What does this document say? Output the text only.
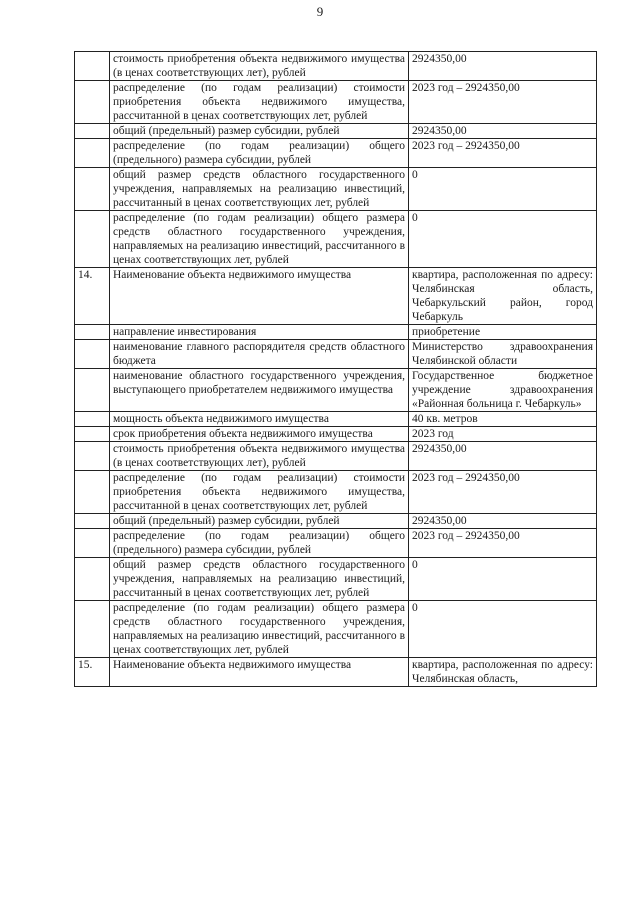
9
	стоимость приобретения объекта недвижимого имущества (в ценах соответствующих лет), рублей	2924350,00
	распределение (по годам реализации) стоимости приобретения объекта недвижимого имущества, рассчитанной в ценах соответствующих лет, рублей	2023 год – 2924350,00
	общий (предельный) размер субсидии, рублей	2924350,00
	распределение (по годам реализации) общего (предельного) размера субсидии, рублей	2023 год – 2924350,00
	общий размер средств областного государственного учреждения, направляемых на реализацию инвестиций, рассчитанный в ценах соответствующих лет, рублей	0
	распределение (по годам реализации) общего размера средств областного государственного учреждения, направляемых на реализацию инвестиций, рассчитанного в ценах соответствующих лет, рублей	0
14.	Наименование объекта недвижимого имущества	квартира, расположенная по адресу: Челябинская область, Чебаркульский район, город Чебаркуль
	направление инвестирования	приобретение
	наименование главного распорядителя средств областного бюджета	Министерство здравоохранения Челябинской области
	наименование областного государственного учреждения, выступающего приобретателем недвижимого имущества	Государственное бюджетное учреждение здравоохранения «Районная больница г. Чебаркуль»
	мощность объекта недвижимого имущества	40 кв. метров
	срок приобретения объекта недвижимого имущества	2023 год
	стоимость приобретения объекта недвижимого имущества (в ценах соответствующих лет), рублей	2924350,00
	распределение (по годам реализации) стоимости приобретения объекта недвижимого имущества, рассчитанной в ценах соответствующих лет, рублей	2023 год – 2924350,00
	общий (предельный) размер субсидии, рублей	2924350,00
	распределение (по годам реализации) общего (предельного) размера субсидии, рублей	2023 год – 2924350,00
	общий размер средств областного государственного учреждения, направляемых на реализацию инвестиций, рассчитанный в ценах соответствующих лет, рублей	0
	распределение (по годам реализации) общего размера средств областного государственного учреждения, направляемых на реализацию инвестиций, рассчитанного в ценах соответствующих лет, рублей	0
15.	Наименование объекта недвижимого имущества	квартира, расположенная по адресу: Челябинская область,
